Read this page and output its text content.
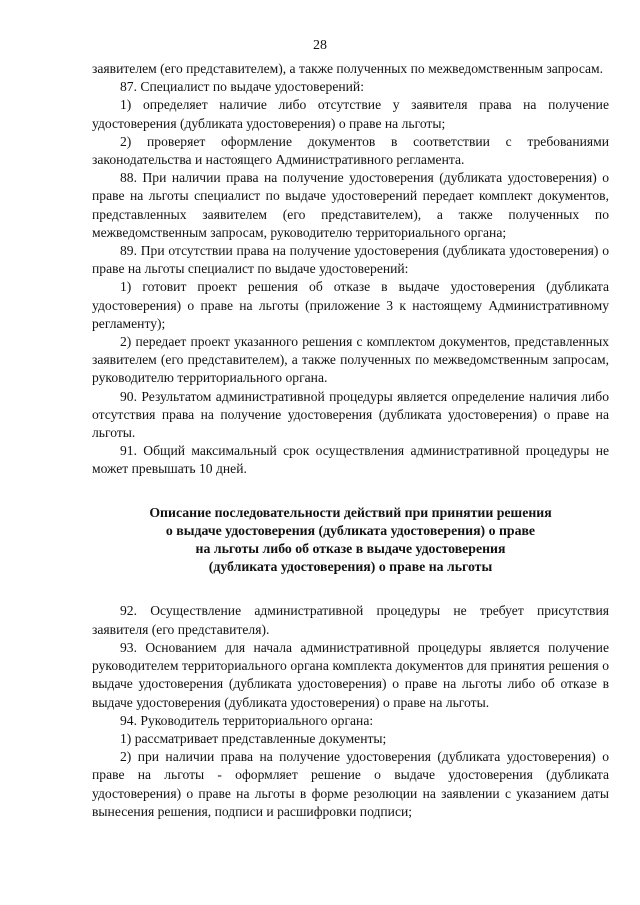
28

заявителем (его представителем), а также полученных по межведомственным запросам.

87. Специалист по выдаче удостоверений:

1) определяет наличие либо отсутствие у заявителя права на получение удостоверения (дубликата удостоверения) о праве на льготы;

2) проверяет оформление документов в соответствии с требованиями законодательства и настоящего Административного регламента.

88. При наличии права на получение удостоверения (дубликата удостоверения) о праве на льготы специалист по выдаче удостоверений передает комплект документов, представленных заявителем (его представителем), а также полученных по межведомственным запросам, руководителю территориального органа;

89. При отсутствии права на получение удостоверения (дубликата удостоверения) о праве на льготы специалист по выдаче удостоверений:

1) готовит проект решения об отказе в выдаче удостоверения (дубликата удостоверения) о праве на льготы (приложение 3 к настоящему Административному регламенту);

2) передает проект указанного решения с комплектом документов, представленных заявителем (его представителем), а также полученных по межведомственным запросам, руководителю территориального органа.

90. Результатом административной процедуры является определение наличия либо отсутствия права на получение удостоверения (дубликата удостоверения) о праве на льготы.

91. Общий максимальный срок осуществления административной процедуры не может превышать 10 дней.

Описание последовательности действий при принятии решения
о выдаче удостоверения (дубликата удостоверения) о праве
на льготы либо об отказе в выдаче удостоверения
(дубликата удостоверения) о праве на льготы

92. Осуществление административной процедуры не требует присутствия заявителя (его представителя).

93. Основанием для начала административной процедуры является получение руководителем территориального органа комплекта документов для принятия решения о выдаче удостоверения (дубликата удостоверения) о праве на льготы либо об отказе в выдаче удостоверения (дубликата удостоверения) о праве на льготы.

94. Руководитель территориального органа:

1) рассматривает представленные документы;

2) при наличии права на получение удостоверения (дубликата удостоверения) о праве на льготы - оформляет решение о выдаче удостоверения (дубликата удостоверения) о праве на льготы в форме резолюции на заявлении с указанием даты вынесения решения, подписи и расшифровки подписи;
